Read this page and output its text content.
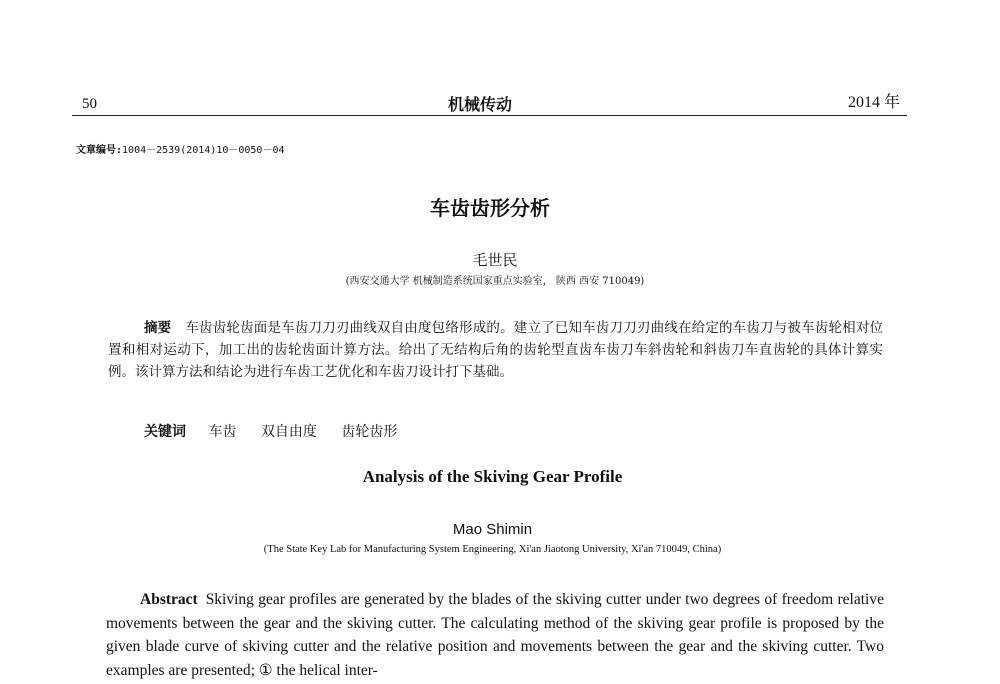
50	机械传动	2014 年
文章编号:1004－2539(2014)10－0050－04
车齿齿形分析
毛世民
(西安交通大学 机械制造系统国家重点实验室， 陕西 西安 710049)
摘要 车齿齿轮齿面是车齿刀刀刃曲线双自由度包络形成的。建立了已知车齿刀刀刃曲线在给定的车齿刀与被车齿轮相对位置和相对运动下，加工出的齿轮齿面计算方法。给出了无结构后角的齿轮型直齿车齿刀车斜齿轮和斜齿刀车直齿轮的具体计算实例。该计算方法和结论为进行车齿工艺优化和车齿刀设计打下基础。
关键词 车齿 双自由度 齿轮齿形
Analysis of the Skiving Gear Profile
Mao Shimin
(The State Key Lab for Manufacturing System Engineering, Xi'an Jiaotong University, Xi'an 710049, China)
Abstract Skiving gear profiles are generated by the blades of the skiving cutter under two degrees of freedom relative movements between the gear and the skiving cutter. The calculating method of the skiving gear profile is proposed by the given blade curve of skiving cutter and the relative position and movements between the gear and the skiving cutter. Two examples are presented; ① the helical inter-
